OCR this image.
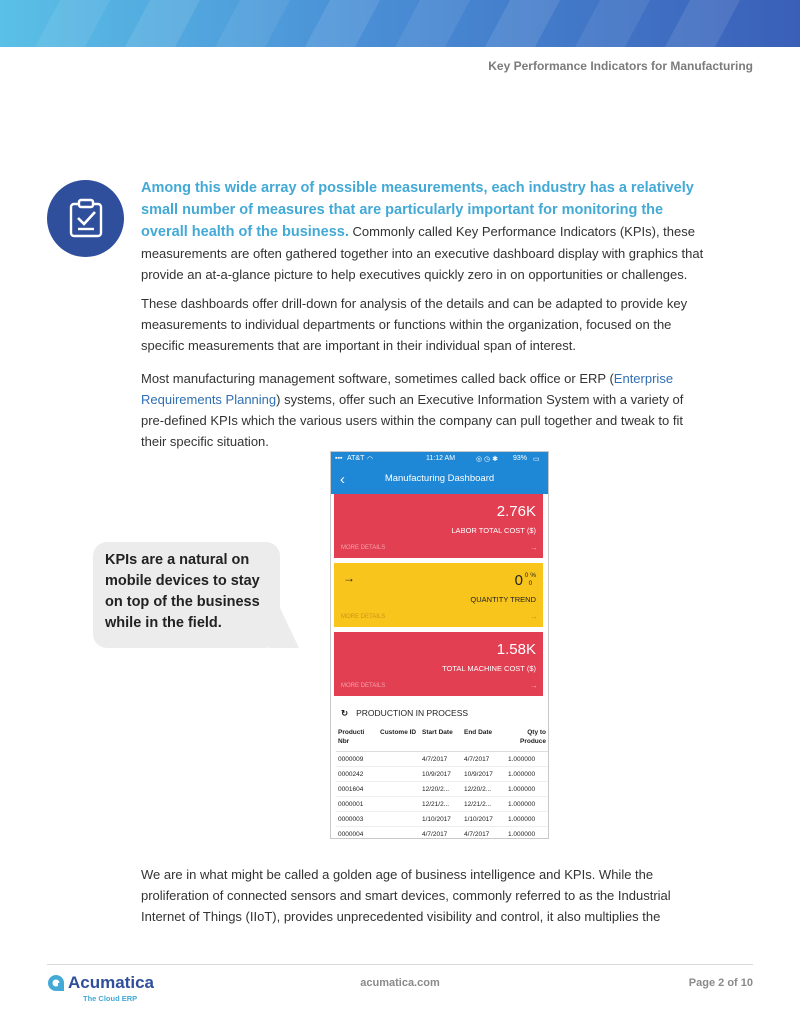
Key Performance Indicators for Manufacturing

Among this wide array of possible measurements, each industry has a relatively small number of measures that are particularly important for monitoring the overall health of the business. Commonly called Key Performance Indicators (KPIs), these measurements are often gathered together into an executive dashboard display with graphics that provide an at-a-glance picture to help executives quickly zero in on opportunities or challenges.

These dashboards offer drill-down for analysis of the details and can be adapted to provide key measurements to individual departments or functions within the organization, focused on the specific measurements that are important in their individual span of interest.

Most manufacturing management software, sometimes called back office or ERP (Enterprise Requirements Planning) systems, offer such an Executive Information System with a variety of pre-defined KPIs which the various users within the company can pull together and tweak to fit their specific situation.

KPIs are a natural on mobile devices to stay on top of the business while in the field.
▪▪▪ AT&T ◠	11:12 AM	◎ ◷ ✱ 93% ▭
‹	Manufacturing Dashboard
2.76K
LABOR TOTAL COST ($)
MORE DETAILS	→
→	0 0 %
0
QUANTITY TREND
MORE DETAILS	→
1.58K
TOTAL MACHINE COST ($)
MORE DETAILS	→
↻ PRODUCTION IN PROCESS
Producti Nbr	Custome ID	Start Date	End Date	Qty to Produce
0000009		4/7/2017	4/7/2017	1.000000
0000242		10/9/2017	10/9/2017	1.000000
0001604		12/20/2...	12/20/2...	1.000000
0000001		12/21/2...	12/21/2...	1.000000
0000003		1/10/2017	1/10/2017	1.000000
0000004		4/7/2017	4/7/2017	1.000000

We are in what might be called a golden age of business intelligence and KPIs. While the proliferation of connected sensors and smart devices, commonly referred to as the Industrial Internet of Things (IIoT), provides unprecedented visibility and control, it also multiplies the

Acumatica
The Cloud ERP
acumatica.com	Page 2 of 10
